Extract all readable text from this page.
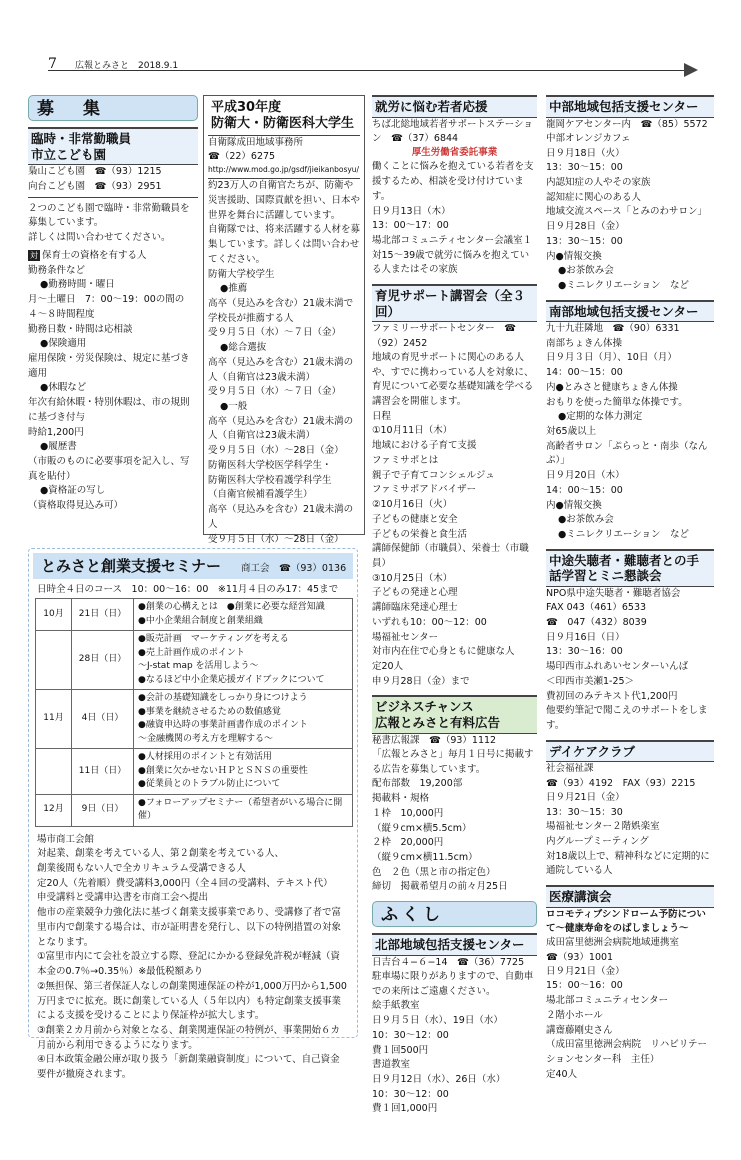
7 広報とみさと　2018.9.1
募　集
臨時・非常勤職員
市立こども園
梟山こども園　☎（93）1215
向台こども園　☎（93）2951
２つのこども園で臨時・非常勤職員を募集しています。
詳しくは問い合わせてください。
対 保育士の資格を有する人
勤務条件など
●勤務時間・曜日
月〜土曜日　7：00〜19：00の間の４〜８時間程度
勤務日数・時間は応相談
●保険適用
雇用保険・労災保険は、規定に基づき適用
●休暇など
年次有給休暇・特別休暇は、市の規則に基づき付与
時給1,200円
●履歴書
（市販のものに必要事項を記入し、写真を貼付）
●資格証の写し
（資格取得見込み可）
平成30年度
防衛大・防衛医科大学生
自衛隊成田地域事務所
☎（22）6275
http://www.mod.go.jp/gsdf/jieikanbosyu/
約23万人の自衛官たちが、防衛や災害援助、国際貢献を担い、日本や世界を舞台に活躍しています。
自衛隊では、将来活躍する人材を募集しています。詳しくは問い合わせてください。
防衛大学校学生
●推薦
高卒（見込みを含む）21歳未満で学校長が推薦する人
受９月５日（水）〜７日（金）
●総合選抜
高卒（見込みを含む）21歳未満の人（自衛官は23歳未満）
受９月５日（水）〜７日（金）
●一般
高卒（見込みを含む）21歳未満の人（自衛官は23歳未満）
受９月５日（水）〜28日（金）
防衛医科大学校医学科学生・
防衛医科大学校看護学科学生
（自衛官候補看護学生）
高卒（見込みを含む）21歳未満の人
受９月５日（水）〜28日（金）
とみさと創業支援セミナー 商工会　☎（93）0136
日時全４日のコース　10：00〜16：00　※11月４日のみ17：45まで
10月	21日（日）	●創業の心構えとは　●創業に必要な経営知識
●中小企業組合制度と創業組織

	28日（日）	●販売計画　マーケティングを考える
●売上計画作成のポイント
〜J-stat map を活用しよう〜
●なるほど中小企業応援ガイドブックについて

11月	4日（日）	●会計の基礎知識をしっかり身につけよう
●事業を継続させるための数値感覚
●融資申込時の事業計画書作成のポイント
〜金融機関の考え方を理解する〜

	11日（日）	●人材採用のポイントと有効活用
●創業に欠かせないＨＰとＳＮＳの重要性
●従業員とのトラブル防止について

12月	9日（日）	●フォローアップセミナー（希望者がいる場合に開催）
場市商工会館
対起業、創業を考えている人、第２創業を考えている人、
創業後間もない人で全カリキュラム受講できる人
定20人（先着順）費受講料3,000円（全４回の受講料、テキスト代）
申受講料と受講申込書を市商工会へ提出
他市の産業競争力強化法に基づく創業支援事業であり、受講修了者で富里市内で創業する場合は、市が証明書を発行し、以下の特例措置の対象となります。
①富里市内にて会社を設立する際、登記にかかる登録免許税が軽減（資本金の0.7％→0.35％）※最低税額あり
②無担保、第三者保証人なしの創業関連保証の枠が1,000万円から1,500万円までに拡充。既に創業している人（５年以内）も特定創業支援事業による支援を受けることにより保証枠が拡大します。
③創業２カ月前から対象となる、創業関連保証の特例が、事業開始６カ月前から利用できるようになります。
④日本政策金融公庫が取り扱う「新創業融資制度」について、自己資金要件が撤廃されます。
就労に悩む若者応援
ちば北総地域若者サポートステーション　☎（37）6844
厚生労働省委託事業
働くことに悩みを抱えている若者を支援するため、相談を受け付けています。
日９月13日（木）
13：00〜17：00
場北部コミュニティセンター会議室１
対15〜39歳で就労に悩みを抱えている人またはその家族
育児サポート講習会（全３回）
ファミリーサポートセンター　☎（92）2452
地域の育児サポートに関心のある人や、すでに携わっている人を対象に、育児について必要な基礎知識を学べる講習会を開催します。
日程
①10月11日（木）
地域における子育て支援
ファミサポとは
親子で子育てコンシェルジュ
ファミサポアドバイザー
②10月16日（火）
子どもの健康と安全
子どもの栄養と食生活
講師保健師（市職員）、栄養士（市職員）
③10月25日（木）
子どもの発達と心理
講師臨床発達心理士
いずれも10：00〜12：00
場福祉センター
対市内在住で心身ともに健康な人
定20人
申９月28日（金）まで
ビジネスチャンス
広報とみさと有料広告
秘書広報課　☎（93）1112
「広報とみさと」毎月１日号に掲載する広告を募集しています。
配布部数　19,200部
掲載料・規格
１枠　10,000円
（縦９cm×横5.5cm）
２枠　20,000円
（縦９cm×横11.5cm）
色　２色（黒と市の指定色）
締切　掲載希望月の前々月25日
ふくし
北部地域包括支援センター
日吉台４−６−14　☎（36）7725
駐車場に限りがありますので、自動車での来所はご遠慮ください。
絵手紙教室
日９月５日（水）、19日（水）
10：30〜12：00
費１回500円
書道教室
日９月12日（水）、26日（水）
10：30〜12：00
費１回1,000円
中部地域包括支援センター
龍岡ケアセンター内　☎（85）5572
中部オレンジカフェ
日９月18日（火）
13：30〜15：00
内認知症の人やその家族
認知症に関心のある人
地域交流スペース「とみのわサロン」
日９月28日（金）
13：30〜15：00
内●情報交換
●お茶飲み会
●ミニレクリエーション　など
南部地域包括支援センター
九十九荘隣地　☎（90）6331
南部ちょきん体操
日９月３日（月）、10日（月）
14：00〜15：00
内●とみさと健康ちょきん体操
おもりを使った簡単な体操です。
●定期的な体力測定
対65歳以上
高齢者サロン「ぷらっと・南歩（なんぷ）」
日９月20日（木）
14：00〜15：00
内●情報交換
●お茶飲み会
●ミニレクリエーション　など
中途失聴者・難聴者との手話学習とミニ懇談会
NPO県中途失聴者・難聴者協会
FAX 043（461）6533
☎　047（432）8039
日９月16日（日）
13：30〜16：00
場印西市ふれあいセンターいんば
＜印西市美瀬1-25＞
費初回のみテキスト代1,200円
他要約筆記で聞こえのサポートをします。
デイケアクラブ
社会福祉課
☎（93）4192　FAX（93）2215
日９月21日（金）
13：30〜15：30
場福祉センター２階娯楽室
内グループミーティング
対18歳以上で、精神科などに定期的に通院している人
医療講演会
ロコモティブシンドローム予防について〜健康寿命をのばしましょう〜
成田富里徳洲会病院地域連携室
☎（93）1001
日９月21日（金）
15：00〜16：00
場北部コミュニティセンター
２階小ホール
講齋藤剛史さん
（成田富里徳洲会病院　リハビリテーションセンター科　主任）
定40人
